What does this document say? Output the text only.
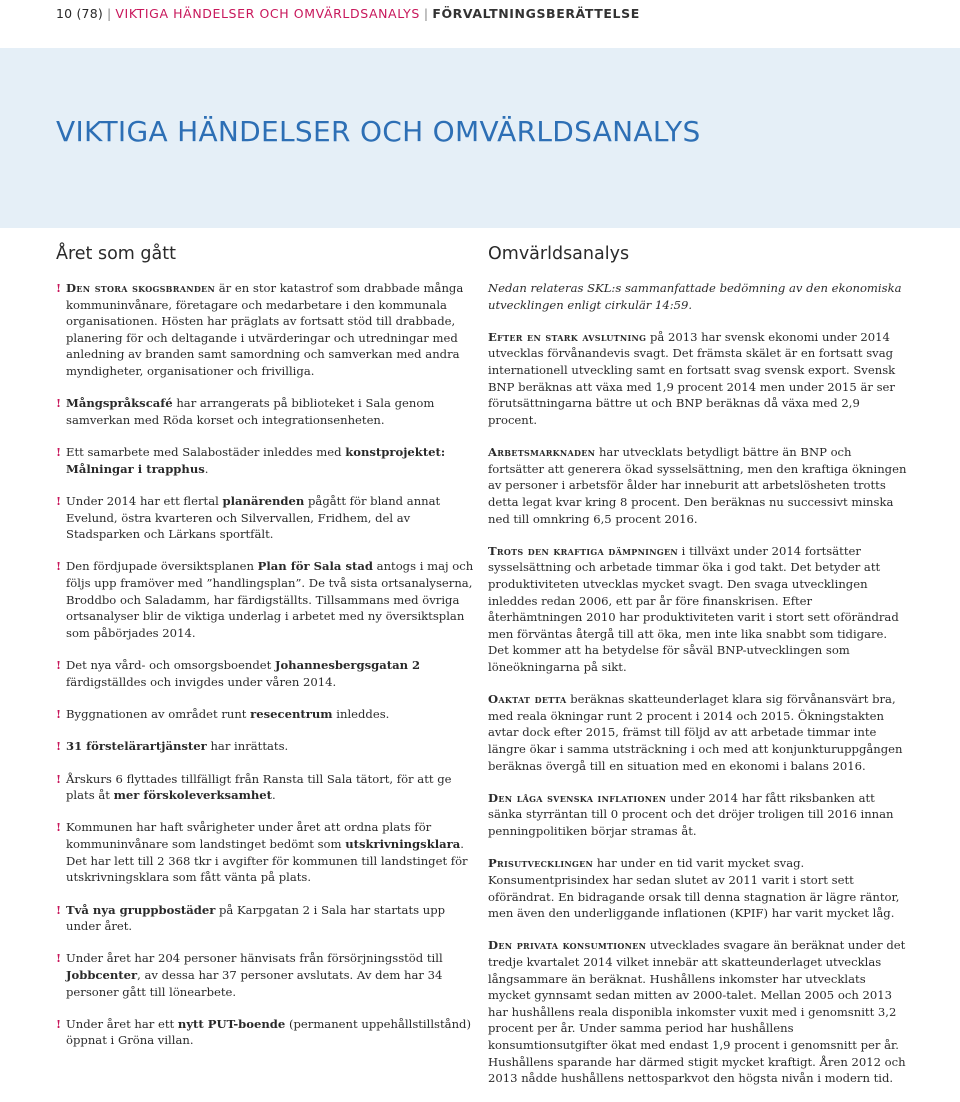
10 (78) | VIKTIGA HÄNDELSER OCH OMVÄRLDSANALYS | FÖRVALTNINGSBERÄTTELSE
VIKTIGA HÄNDELSER OCH OMVÄRLDSANALYS
Året som gått

! Den stora skogsbranden är en stor katastrof som drabbade många kommuninvånare, företagare och medarbetare i den kommunala organisationen. Hösten har präglats av fortsatt stöd till drabbade, planering för och deltagande i utvärderingar och utredningar med anledning av branden samt samordning och samverkan med andra myndigheter, organisationer och frivilliga.

! Mångspråkscafé har arrangerats på biblioteket i Sala genom samverkan med Röda korset och integrationsenheten.

! Ett samarbete med Salabostäder inleddes med konstprojektet: Målningar i trapphus.

! Under 2014 har ett flertal planärenden pågått för bland annat Evelund, östra kvarteren och Silvervallen, Fridhem, del av Stadsparken och Lärkans sportfält.

! Den fördjupade översiktsplanen Plan för Sala stad antogs i maj och följs upp framöver med ”handlingsplan”. De två sista ortsanalyserna, Broddbo och Saladamm, har färdigställts. Tillsammans med övriga ortsanalyser blir de viktiga underlag i arbetet med ny översiktsplan som påbörjades 2014.

! Det nya vård- och omsorgsboendet Johannesbergsgatan 2 färdigställdes och invigdes under våren 2014.

! Byggnationen av området runt resecentrum inleddes.

! 31 förstelärartjänster har inrättats.

! Årskurs 6 flyttades tillfälligt från Ransta till Sala tätort, för att ge plats åt mer förskoleverksamhet.

! Kommunen har haft svårigheter under året att ordna plats för kommuninvånare som landstinget bedömt som utskrivningsklara. Det har lett till 2 368 tkr i avgifter för kommunen till landstinget för utskrivningsklara som fått vänta på plats.

! Två nya gruppbostäder på Karpgatan 2 i Sala har startats upp under året.

! Under året har 204 personer hänvisats från försörjningsstöd till Jobbcenter, av dessa har 37 personer avslutats. Av dem har 34 personer gått till lönearbete.

! Under året har ett nytt PUT-boende (permanent uppehållstillstånd) öppnat i Gröna villan.

Omvärldsanalys

Nedan relateras SKL:s sammanfattade bedömning av den ekonomiska utvecklingen enligt cirkulär 14:59.

Efter en stark avslutning på 2013 har svensk ekonomi under 2014 utvecklas förvånandevis svagt. Det främsta skälet är en fortsatt svag internationell utveckling samt en fortsatt svag svensk export. Svensk BNP beräknas att växa med 1,9 procent 2014 men under 2015 är ser förutsättningarna bättre ut och BNP beräknas då växa med 2,9 procent.

Arbetsmarknaden har utvecklats betydligt bättre än BNP och fortsätter att generera ökad sysselsättning, men den kraftiga ökningen av personer i arbetsför ålder har inneburit att arbetslösheten trotts detta legat kvar kring 8 procent. Den beräknas nu successivt minska ned till omnkring 6,5 procent 2016.

Trots den kraftiga dämpningen i tillväxt under 2014 fortsätter sysselsättning och arbetade timmar öka i god takt. Det betyder att produktiviteten utvecklas mycket svagt. Den svaga utvecklingen inleddes redan 2006, ett par år före finanskrisen. Efter återhämtningen 2010 har produktiviteten varit i stort sett oförändrad men förväntas återgå till att öka, men inte lika snabbt som tidigare. Det kommer att ha betydelse för såväl BNP-utvecklingen som löneökningarna på sikt.

Oaktat detta beräknas skatteunderlaget klara sig förvånansvärt bra, med reala ökningar runt 2 procent i 2014 och 2015. Ökningstakten avtar dock efter 2015, främst till följd av att arbetade timmar inte längre ökar i samma utsträckning i och med att konjunkturuppgången beräknas övergå till en situation med en ekonomi i balans 2016.

Den låga svenska inflationen under 2014 har fått riksbanken att sänka styrräntan till 0 procent och det dröjer troligen till 2016 innan penningpolitiken börjar stramas åt.

Prisutvecklingen har under en tid varit mycket svag. Konsumentprisindex har sedan slutet av 2011 varit i stort sett oförändrat. En bidragande orsak till denna stagnation är lägre räntor, men även den underliggande inflationen (KPIF) har varit mycket låg.

Den privata konsumtionen utvecklades svagare än beräknat under det tredje kvartalet 2014 vilket innebär att skatteunderlaget utvecklas långsammare än beräknat. Hushållens inkomster har utvecklats mycket gynnsamt sedan mitten av 2000-talet. Mellan 2005 och 2013 har hushållens reala disponibla inkomster vuxit med i genomsnitt 3,2 procent per år. Under samma period har hushållens konsumtionsutgifter ökat med endast 1,9 procent i genomsnitt per år. Hushållens sparande har därmed stigit mycket kraftigt. Åren 2012 och 2013 nådde hushållens nettosparkvot den högsta nivån i modern tid.
